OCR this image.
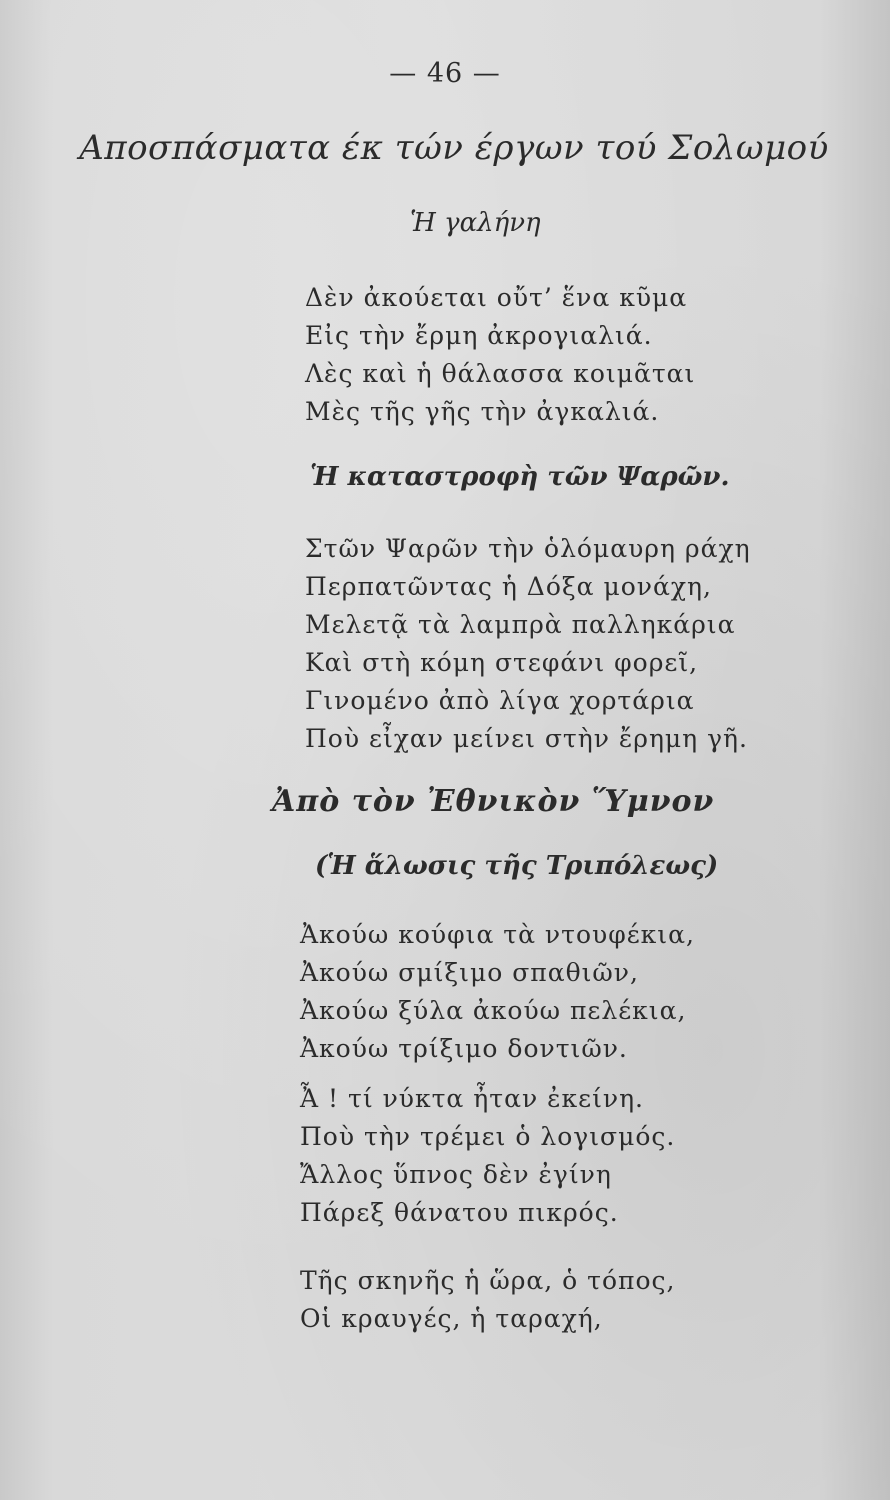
— 46 —
Αποσπάσματα έκ τών έργων τού Σολωμού
Ἡ γαλήνη
Δὲν ἀκούεται οὔτ’ ἕνα κῦμα
Εἰς τὴν ἔρμη ἀκρογιαλιά.
Λὲς καὶ ἡ θάλασσα κοιμᾶται
Μὲς τῆς γῆς τὴν ἀγκαλιά.
Ἡ καταστροφὴ τῶν Ψαρῶν.
Στῶν Ψαρῶν τὴν ὁλόμαυρη ράχη
Περπατῶντας ἡ Δόξα μονάχη,
Μελετᾷ τὰ λαμπρὰ παλληκάρια
Καὶ στὴ κόμη στεφάνι φορεῖ,
Γινομένο ἀπὸ λίγα χορτάρια
Ποὺ εἶχαν μείνει στὴν ἔρημη γῆ.
Ἀπὸ τὸν Ἐθνικὸν Ὕμνον
(Ἡ ἅλωσις τῆς Τριπόλεως)
Ἀκούω κούφια τὰ ντουφέκια,
Ἀκούω σμίξιμο σπαθιῶν,
Ἀκούω ξύλα ἀκούω πελέκια,
Ἀκούω τρίξιμο δοντιῶν.
Ἆ ! τί νύκτα ἦταν ἐκείνη.
Ποὺ τὴν τρέμει ὁ λογισμός.
Ἄλλος ὕπνος δὲν ἐγίνη
Πάρεξ θάνατου πικρός.
Τῆς σκηνῆς ἡ ὥρα, ὁ τόπος,
Οἱ κραυγές, ἡ ταραχή,
